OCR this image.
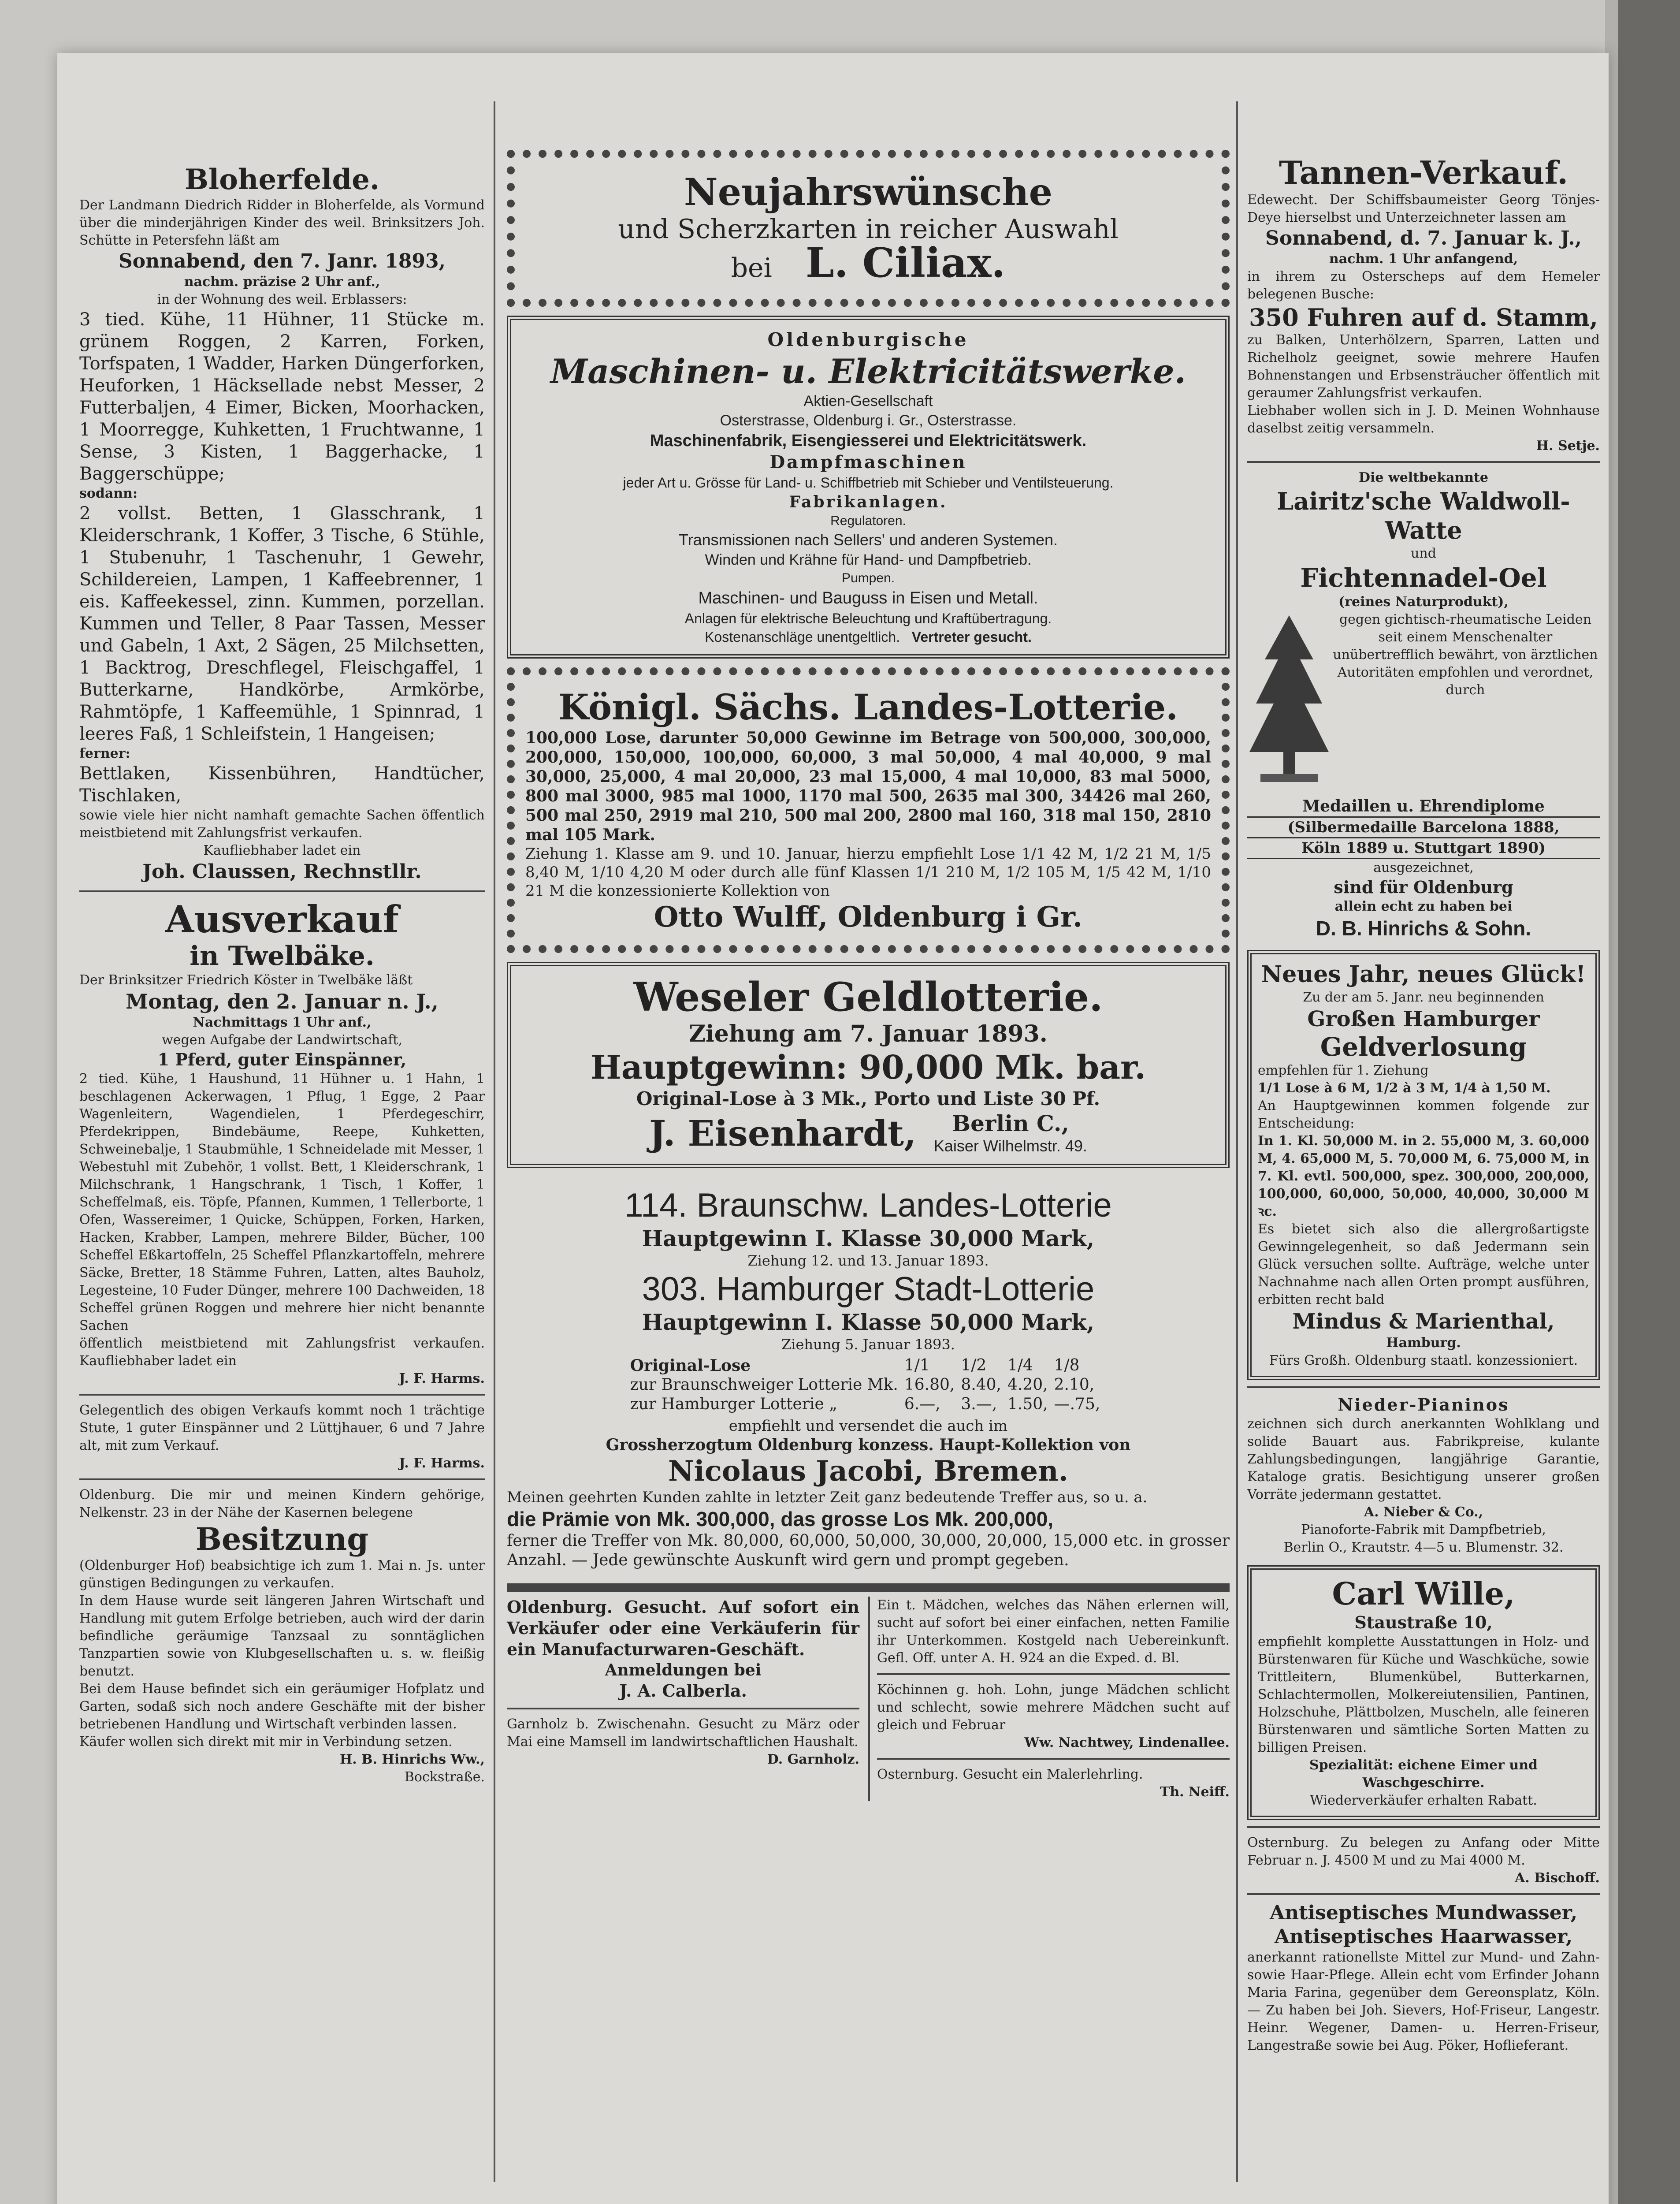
Bloherfelde.

Der Landmann Diedrich Ridder in Bloherfelde, als Vormund über die minderjährigen Kinder des weil. Brinksitzers Joh. Schütte in Petersfehn läßt am

Sonnabend, den 7. Janr. 1893,

nachm. präzise 2 Uhr anf.,

in der Wohnung des weil. Erblassers:

3 tied. Kühe, 11 Hühner, 11 Stücke m. grünem Roggen, 2 Karren, Forken, Torfspaten, 1 Wadder, Harken Düngerforken, Heuforken, 1 Häcksellade nebst Messer, 2 Futterbaljen, 4 Eimer, Bicken, Moorhacken, 1 Moorregge, Kuhketten, 1 Fruchtwanne, 1 Sense, 3 Kisten, 1 Baggerhacke, 1 Baggerschüppe;

sodann:

2 vollst. Betten, 1 Glasschrank, 1 Kleiderschrank, 1 Koffer, 3 Tische, 6 Stühle, 1 Stubenuhr, 1 Taschenuhr, 1 Gewehr, Schildereien, Lampen, 1 Kaffeebrenner, 1 eis. Kaffeekessel, zinn. Kummen, porzellan. Kummen und Teller, 8 Paar Tassen, Messer und Gabeln, 1 Axt, 2 Sägen, 25 Milchsetten, 1 Backtrog, Dreschflegel, Fleischgaffel, 1 Butterkarne, Handkörbe, Armkörbe, Rahmtöpfe, 1 Kaffeemühle, 1 Spinnrad, 1 leeres Faß, 1 Schleifstein, 1 Hangeisen;

ferner:

Bettlaken, Kissenbühren, Handtücher, Tischlaken,

sowie viele hier nicht namhaft gemachte Sachen öffentlich meistbietend mit Zahlungsfrist verkaufen.

Kaufliebhaber ladet ein

Joh. Claussen, Rechnstllr.

Ausverkauf

in Twelbäke.

Der Brinksitzer Friedrich Köster in Twelbäke läßt

Montag, den 2. Januar n. J.,

Nachmittags 1 Uhr anf.,

wegen Aufgabe der Landwirtschaft,

1 Pferd, guter Einspänner,

2 tied. Kühe, 1 Haushund, 11 Hühner u. 1 Hahn, 1 beschlagenen Ackerwagen, 1 Pflug, 1 Egge, 2 Paar Wagenleitern, Wagendielen, 1 Pferdegeschirr, Pferdekrippen, Bindebäume, Reepe, Kuhketten, Schweinebalje, 1 Staubmühle, 1 Schneidelade mit Messer, 1 Webestuhl mit Zubehör, 1 vollst. Bett, 1 Kleiderschrank, 1 Milchschrank, 1 Hangschrank, 1 Tisch, 1 Koffer, 1 Scheffelmaß, eis. Töpfe, Pfannen, Kummen, 1 Tellerborte, 1 Ofen, Wassereimer, 1 Quicke, Schüppen, Forken, Harken, Hacken, Krabber, Lampen, mehrere Bilder, Bücher, 100 Scheffel Eßkartoffeln, 25 Scheffel Pflanzkartoffeln, mehrere Säcke, Bretter, 18 Stämme Fuhren, Latten, altes Bauholz, Legesteine, 10 Fuder Dünger, mehrere 100 Dachweiden, 18 Scheffel grünen Roggen und mehrere hier nicht benannte Sachen

öffentlich meistbietend mit Zahlungsfrist verkaufen. Kaufliebhaber ladet ein

J. F. Harms.

Gelegentlich des obigen Verkaufs kommt noch 1 trächtige Stute, 1 guter Einspänner und 2 Lüttjhauer, 6 und 7 Jahre alt, mit zum Verkauf.

J. F. Harms.

Oldenburg. Die mir und meinen Kindern gehörige, Nelkenstr. 23 in der Nähe der Kasernen belegene

Besitzung

(Oldenburger Hof) beabsichtige ich zum 1. Mai n. Js. unter günstigen Bedingungen zu verkaufen.

In dem Hause wurde seit längeren Jahren Wirtschaft und Handlung mit gutem Erfolge betrieben, auch wird der darin befindliche geräumige Tanzsaal zu sonntäglichen Tanzpartien sowie von Klubgesellschaften u. s. w. fleißig benutzt.

Bei dem Hause befindet sich ein geräumiger Hofplatz und Garten, sodaß sich noch andere Geschäfte mit der bisher betriebenen Handlung und Wirtschaft verbinden lassen.

Käufer wollen sich direkt mit mir in Verbindung setzen.

H. B. Hinrichs Ww.,

Bockstraße.

Neujahrswünsche

und Scherzkarten in reicher Auswahl

bei L. Ciliax.

Oldenburgische

Maschinen- u. Elektricitätswerke.

Aktien-Gesellschaft

Osterstrasse, Oldenburg i. Gr., Osterstrasse.

Maschinenfabrik, Eisengiesserei und Elektricitätswerk.

Dampfmaschinen

jeder Art u. Grösse für Land- u. Schiffbetrieb mit Schieber und Ventilsteuerung.

Fabrikanlagen.

Regulatoren.

Transmissionen nach Sellers' und anderen Systemen.

Winden und Krähne für Hand- und Dampfbetrieb.

Pumpen.

Maschinen- und Bauguss in Eisen und Metall.

Anlagen für elektrische Beleuchtung und Kraftübertragung.

Kostenanschläge unentgeltlich. Vertreter gesucht.

Königl. Sächs. Landes-Lotterie.

100,000 Lose, darunter 50,000 Gewinne im Betrage von 500,000, 300,000, 200,000, 150,000, 100,000, 60,000, 3 mal 50,000, 4 mal 40,000, 9 mal 30,000, 25,000, 4 mal 20,000, 23 mal 15,000, 4 mal 10,000, 83 mal 5000, 800 mal 3000, 985 mal 1000, 1170 mal 500, 2635 mal 300, 34426 mal 260, 500 mal 250, 2919 mal 210, 500 mal 200, 2800 mal 160, 318 mal 150, 2810 mal 105 Mark.

Ziehung 1. Klasse am 9. und 10. Januar, hierzu empfiehlt Lose 1/1 42 M, 1/2 21 M, 1/5 8,40 M, 1/10 4,20 M oder durch alle fünf Klassen 1/1 210 M, 1/2 105 M, 1/5 42 M, 1/10 21 M die konzessionierte Kollektion von

Otto Wulff, Oldenburg i Gr.

Weseler Geldlotterie.

Ziehung am 7. Januar 1893.

Hauptgewinn: 90,000 Mk. bar.

Original-Lose à 3 Mk., Porto und Liste 30 Pf.

J. Eisenhardt,	Berlin C.,

Kaiser Wilhelmstr. 49.

114. Braunschw. Landes-Lotterie

Hauptgewinn I. Klasse 30,000 Mark,

Ziehung 12. und 13. Januar 1893.

303. Hamburger Stadt-Lotterie

Hauptgewinn I. Klasse 50,000 Mark,

Ziehung 5. Januar 1893.

Original-Lose	1/1	1/2	1/4	1/8
zur Braunschweiger Lotterie Mk.	16.80,	8.40,	4.20,	2.10,
zur Hamburger Lotterie „	6.—,	3.—,	1.50,	—.75,

empfiehlt und versendet die auch im

Grossherzogtum Oldenburg konzess. Haupt-Kollektion von

Nicolaus Jacobi, Bremen.

Meinen geehrten Kunden zahlte in letzter Zeit ganz bedeutende Treffer aus, so u. a.

die Prämie von Mk. 300,000, das grosse Los Mk. 200,000,

ferner die Treffer von Mk. 80,000, 60,000, 50,000, 30,000, 20,000, 15,000 etc. in grosser Anzahl. — Jede gewünschte Auskunft wird gern und prompt gegeben.

Oldenburg. Gesucht. Auf sofort ein Verkäufer oder eine Verkäuferin für ein Manufacturwaren-Geschäft.

Anmeldungen bei

J. A. Calberla.

Garnholz b. Zwischenahn. Gesucht zu März oder Mai eine Mamsell im landwirtschaftlichen Haushalt.

D. Garnholz.

Ein t. Mädchen, welches das Nähen erlernen will, sucht auf sofort bei einer einfachen, netten Familie ihr Unterkommen. Kostgeld nach Uebereinkunft. Gefl. Off. unter A. H. 924 an die Exped. d. Bl.

Köchinnen g. hoh. Lohn, junge Mädchen schlicht und schlecht, sowie mehrere Mädchen sucht auf gleich und Februar

Ww. Nachtwey, Lindenallee.

Osternburg. Gesucht ein Malerlehrling.

Th. Neiff.

Tannen-Verkauf.

Edewecht. Der Schiffsbaumeister Georg Tönjes-Deye hierselbst und Unterzeichneter lassen am

Sonnabend, d. 7. Januar k. J.,

nachm. 1 Uhr anfangend,

in ihrem zu Osterscheps auf dem Hemeler belegenen Busche:

350 Fuhren auf d. Stamm,

zu Balken, Unterhölzern, Sparren, Latten und Richelholz geeignet, sowie mehrere Haufen Bohnenstangen und Erbsensträucher öffentlich mit geraumer Zahlungsfrist verkaufen.

Liebhaber wollen sich in J. D. Meinen Wohnhause daselbst zeitig versammeln.

H. Setje.

Die weltbekannte

Lairitz'sche Waldwoll-Watte

und

Fichtennadel-Oel

(reines Naturprodukt),

gegen gichtisch-rheumatische Leiden seit einem Menschenalter unübertrefflich bewährt, von ärztlichen Autoritäten empfohlen und verordnet, durch

Medaillen u. Ehrendiplome

(Silbermedaille Barcelona 1888,

Köln 1889 u. Stuttgart 1890)

ausgezeichnet,

sind für Oldenburg

allein echt zu haben bei

D. B. Hinrichs & Sohn.

Neues Jahr, neues Glück!

Zu der am 5. Janr. neu beginnenden

Großen Hamburger

Geldverlosung

empfehlen für 1. Ziehung

1/1 Lose à 6 M, 1/2 à 3 M, 1/4 à 1,50 M.

An Hauptgewinnen kommen folgende zur Entscheidung:

In 1. Kl. 50,000 M. in 2. 55,000 M, 3. 60,000 M, 4. 65,000 M, 5. 70,000 M, 6. 75,000 M, in 7. Kl. evtl. 500,000, spez. 300,000, 200,000, 100,000, 60,000, 50,000, 40,000, 30,000 M ꝛc.

Es bietet sich also die allergroßartigste Gewinngelegenheit, so daß Jedermann sein Glück versuchen sollte. Aufträge, welche unter Nachnahme nach allen Orten prompt ausführen, erbitten recht bald

Mindus & Marienthal,

Hamburg.

Fürs Großh. Oldenburg staatl. konzessioniert.

Nieder-Pianinos

zeichnen sich durch anerkannten Wohlklang und solide Bauart aus. Fabrikpreise, kulante Zahlungsbedingungen, langjährige Garantie, Kataloge gratis. Besichtigung unserer großen Vorräte jedermann gestattet.

A. Nieber & Co.,

Pianoforte-Fabrik mit Dampfbetrieb,

Berlin O., Krautstr. 4—5 u. Blumenstr. 32.

Carl Wille,

Staustraße 10,

empfiehlt komplette Ausstattungen in Holz- und Bürstenwaren für Küche und Waschküche, sowie Trittleitern, Blumenkübel, Butterkarnen, Schlachtermollen, Molkereiutensilien, Pantinen, Holzschuhe, Plättbolzen, Muscheln, alle feineren Bürstenwaren und sämtliche Sorten Matten zu billigen Preisen.

Spezialität: eichene Eimer und Waschgeschirre.

Wiederverkäufer erhalten Rabatt.

Osternburg. Zu belegen zu Anfang oder Mitte Februar n. J. 4500 M und zu Mai 4000 M.

A. Bischoff.

Antiseptisches Mundwasser,

Antiseptisches Haarwasser,

anerkannt rationellste Mittel zur Mund- und Zahn- sowie Haar-Pflege. Allein echt vom Erfinder Johann Maria Farina, gegenüber dem Gereonsplatz, Köln. — Zu haben bei Joh. Sievers, Hof-Friseur, Langestr. Heinr. Wegener, Damen- u. Herren-Friseur, Langestraße sowie bei Aug. Pöker, Hoflieferant.
